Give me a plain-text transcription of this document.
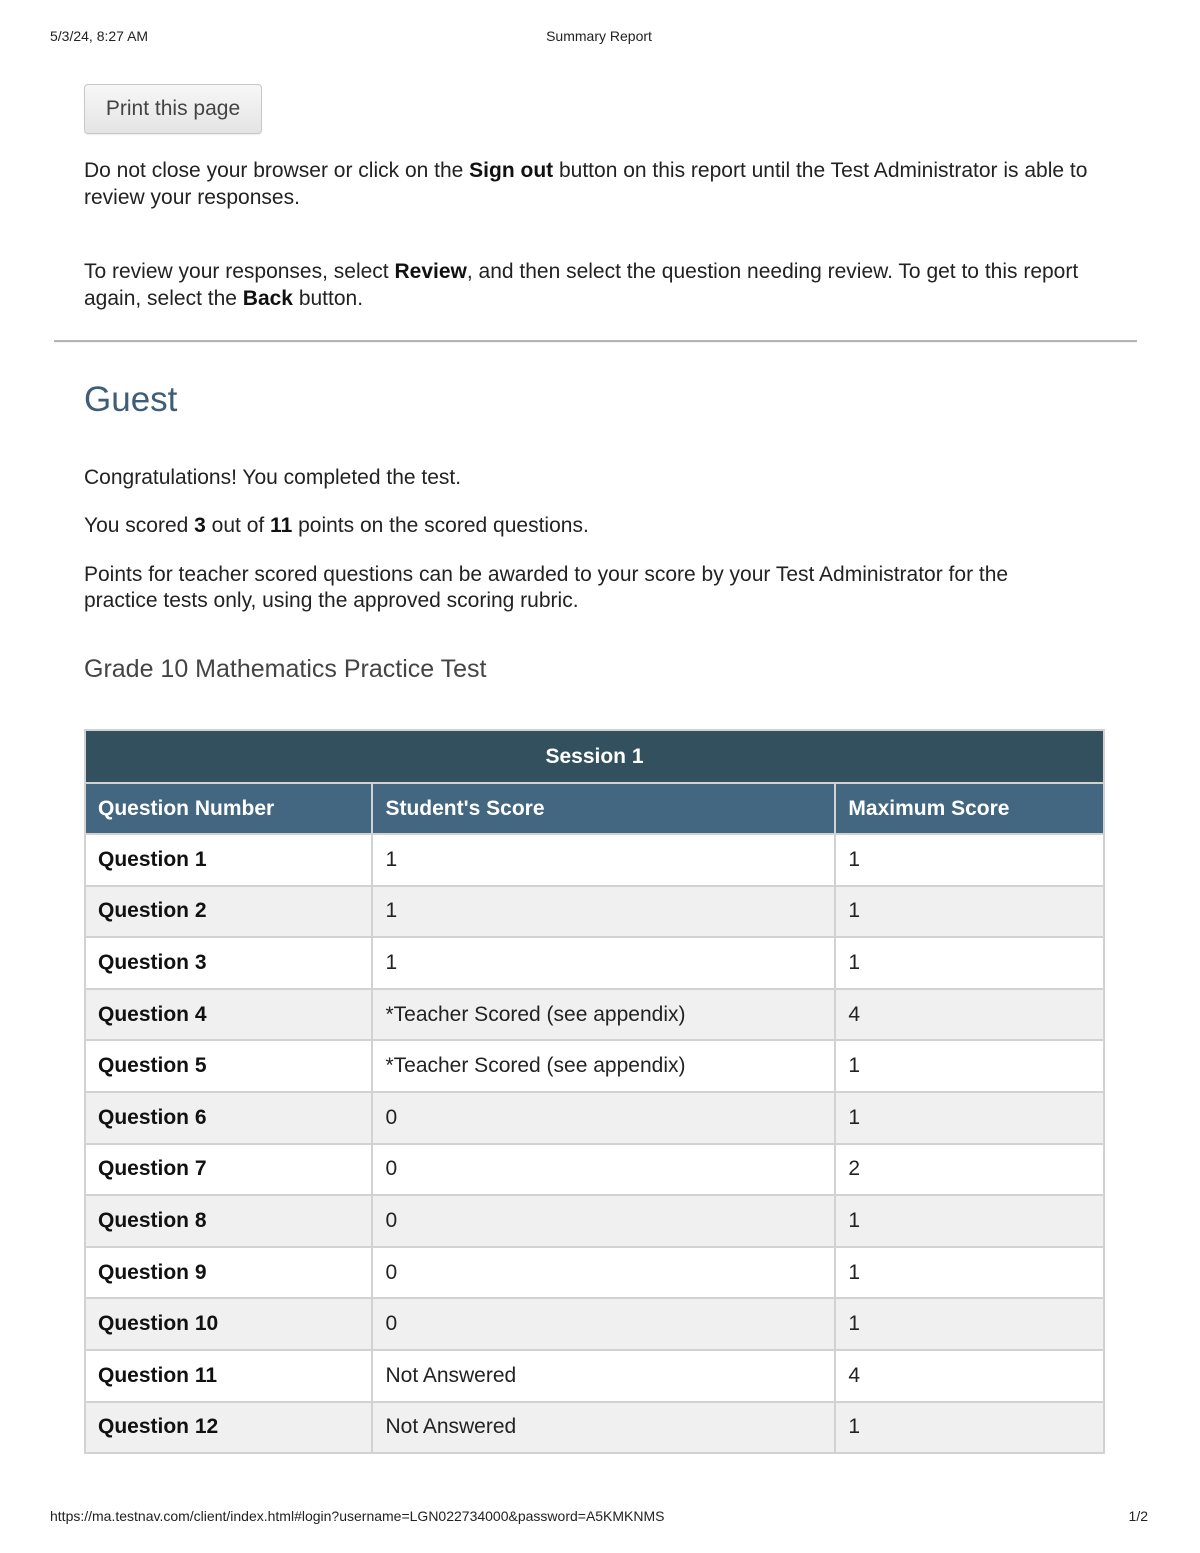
5/3/24, 8:27 AM	Summary Report
Print this page
Do not close your browser or click on the Sign out button on this report until the Test Administrator is able to review your responses.
To review your responses, select Review, and then select the question needing review. To get to this report again, select the Back button.
Guest

Congratulations! You completed the test.

You scored 3 out of 11 points on the scored questions.

Points for teacher scored questions can be awarded to your score by your Test Administrator for the practice tests only, using the approved scoring rubric.

Grade 10 Mathematics Practice Test
Session 1		
Question Number	Student's Score	Maximum Score
Question 1	1	1
Question 2	1	1
Question 3	1	1
Question 4	*Teacher Scored (see appendix)	4
Question 5	*Teacher Scored (see appendix)	1
Question 6	0	1
Question 7	0	2
Question 8	0	1
Question 9	0	1
Question 10	0	1
Question 11	Not Answered	4
Question 12	Not Answered	1
https://ma.testnav.com/client/index.html#login?username=LGN022734000&password=A5KMKNMS	1/2
